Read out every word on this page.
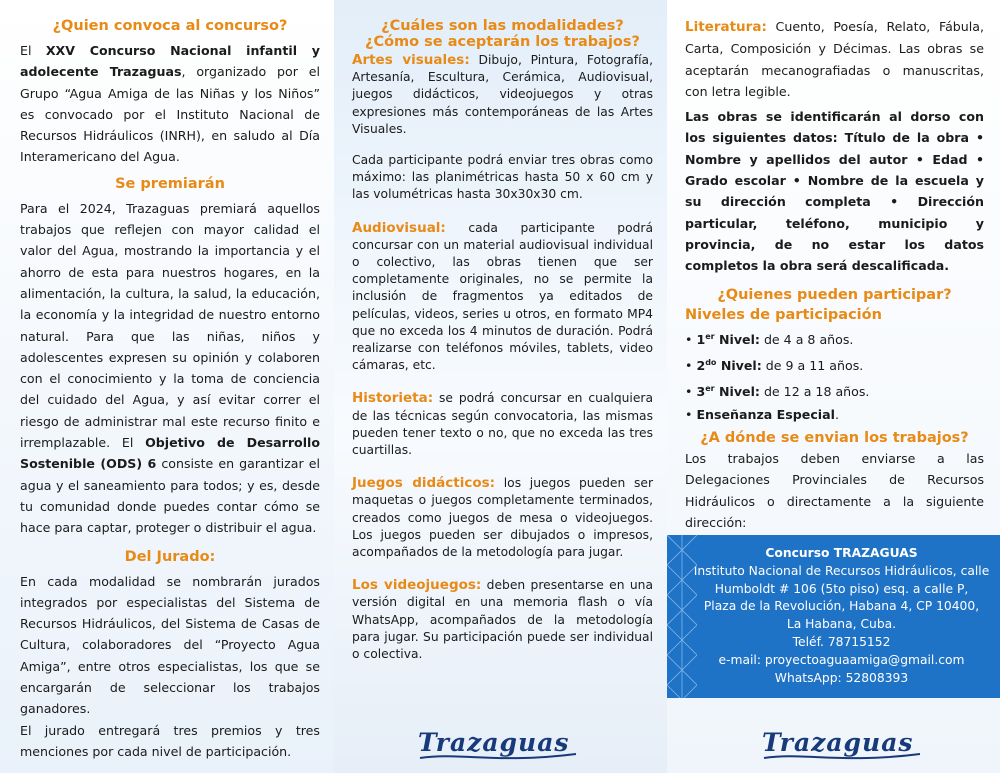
¿Quien convoca al concurso?

El XXV Concurso Nacional infantil y adolecente Trazaguas, organizado por el Grupo “Agua Amiga de las Niñas y los Niños” es convocado por el Instituto Nacional de Recursos Hidráulicos (INRH), en saludo al Día Interamericano del Agua.

Se premiarán

Para el 2024, Trazaguas premiará aquellos trabajos que reflejen con mayor calidad el valor del Agua, mostrando la importancia y el ahorro de esta para nuestros hogares, en la alimentación, la cultura, la salud, la educación, la economía y la integridad de nuestro entorno natural. Para que las niñas, niños y adolescentes expresen su opinión y colaboren con el conocimiento y la toma de conciencia del cuidado del Agua, y así evitar correr el riesgo de administrar mal este recurso finito e irremplazable. El Objetivo de Desarrollo Sostenible (ODS) 6 consiste en garantizar el agua y el saneamiento para todos; y es, desde tu comunidad donde puedes contar cómo se hace para captar, proteger o distribuir el agua.

Del Jurado:

En cada modalidad se nombrarán jurados integrados por especialistas del Sistema de Recursos Hidráulicos, del Sistema de Casas de Cultura, colaboradores del “Proyecto Agua Amiga”, entre otros especialistas, los que se encargarán de seleccionar los trabajos ganadores.

El jurado entregará tres premios y tres menciones por cada nivel de participación.

¿Cuáles son las modalidades?
¿Cómo se aceptarán los trabajos?

Artes visuales: Dibujo, Pintura, Fotografía, Artesanía, Escultura, Cerámica, Audiovisual, juegos didácticos, videojuegos y otras expresiones más contemporáneas de las Artes Visuales.

Cada participante podrá enviar tres obras como máximo: las planimétricas hasta 50 x 60 cm y las volumétricas hasta 30x30x30 cm.

Audiovisual: cada participante podrá concursar con un material audiovisual individual o colectivo, las obras tienen que ser completamente originales, no se permite la inclusión de fragmentos ya editados de películas, videos, series u otros, en formato MP4 que no exceda los 4 minutos de duración. Podrá realizarse con teléfonos móviles, tablets, video cámaras, etc.

Historieta: se podrá concursar en cualquiera de las técnicas según convocatoria, las mismas pueden tener texto o no, que no exceda las tres cuartillas.

Juegos didácticos: los juegos pueden ser maquetas o juegos completamente terminados, creados como juegos de mesa o videojuegos. Los juegos pueden ser dibujados o impresos, acompañados de la metodología para jugar.

Los videojuegos: deben presentarse en una versión digital en una memoria flash o vía WhatsApp, acompañados de la metodología para jugar. Su participación puede ser individual o colectiva.

Trazaguas

Literatura: Cuento, Poesía, Relato, Fábula, Carta, Composición y Décimas. Las obras se aceptarán mecanografiadas o manuscritas, con letra legible.

Las obras se identificarán al dorso con los siguientes datos: Título de la obra • Nombre y apellidos del autor • Edad • Grado escolar • Nombre de la escuela y su dirección completa • Dirección particular, teléfono, municipio y provincia, de no estar los datos completos la obra será descalificada.

¿Quienes pueden participar?
Niveles de participación
• 1er Nivel: de 4 a 8 años.
• $2^{do}$ Nivel: de 9 a 11 años.
• 3er Nivel: de 12 a 18 años.
• Enseñanza Especial.
¿A dónde se envian los trabajos?

Los trabajos deben enviarse a las Delegaciones Provinciales de Recursos Hidráulicos o directamente a la siguiente dirección:

Concurso TRAZAGUAS
Instituto Nacional de Recursos Hidráulicos, calle Humboldt # 106 (5to piso) esq. a calle P,
Plaza de la Revolución, Habana 4, CP 10400,
La Habana, Cuba.
Teléf. 78715152
e-mail: proyectoaguaamiga@gmail.com
WhatsApp: 52808393
Trazaguas
